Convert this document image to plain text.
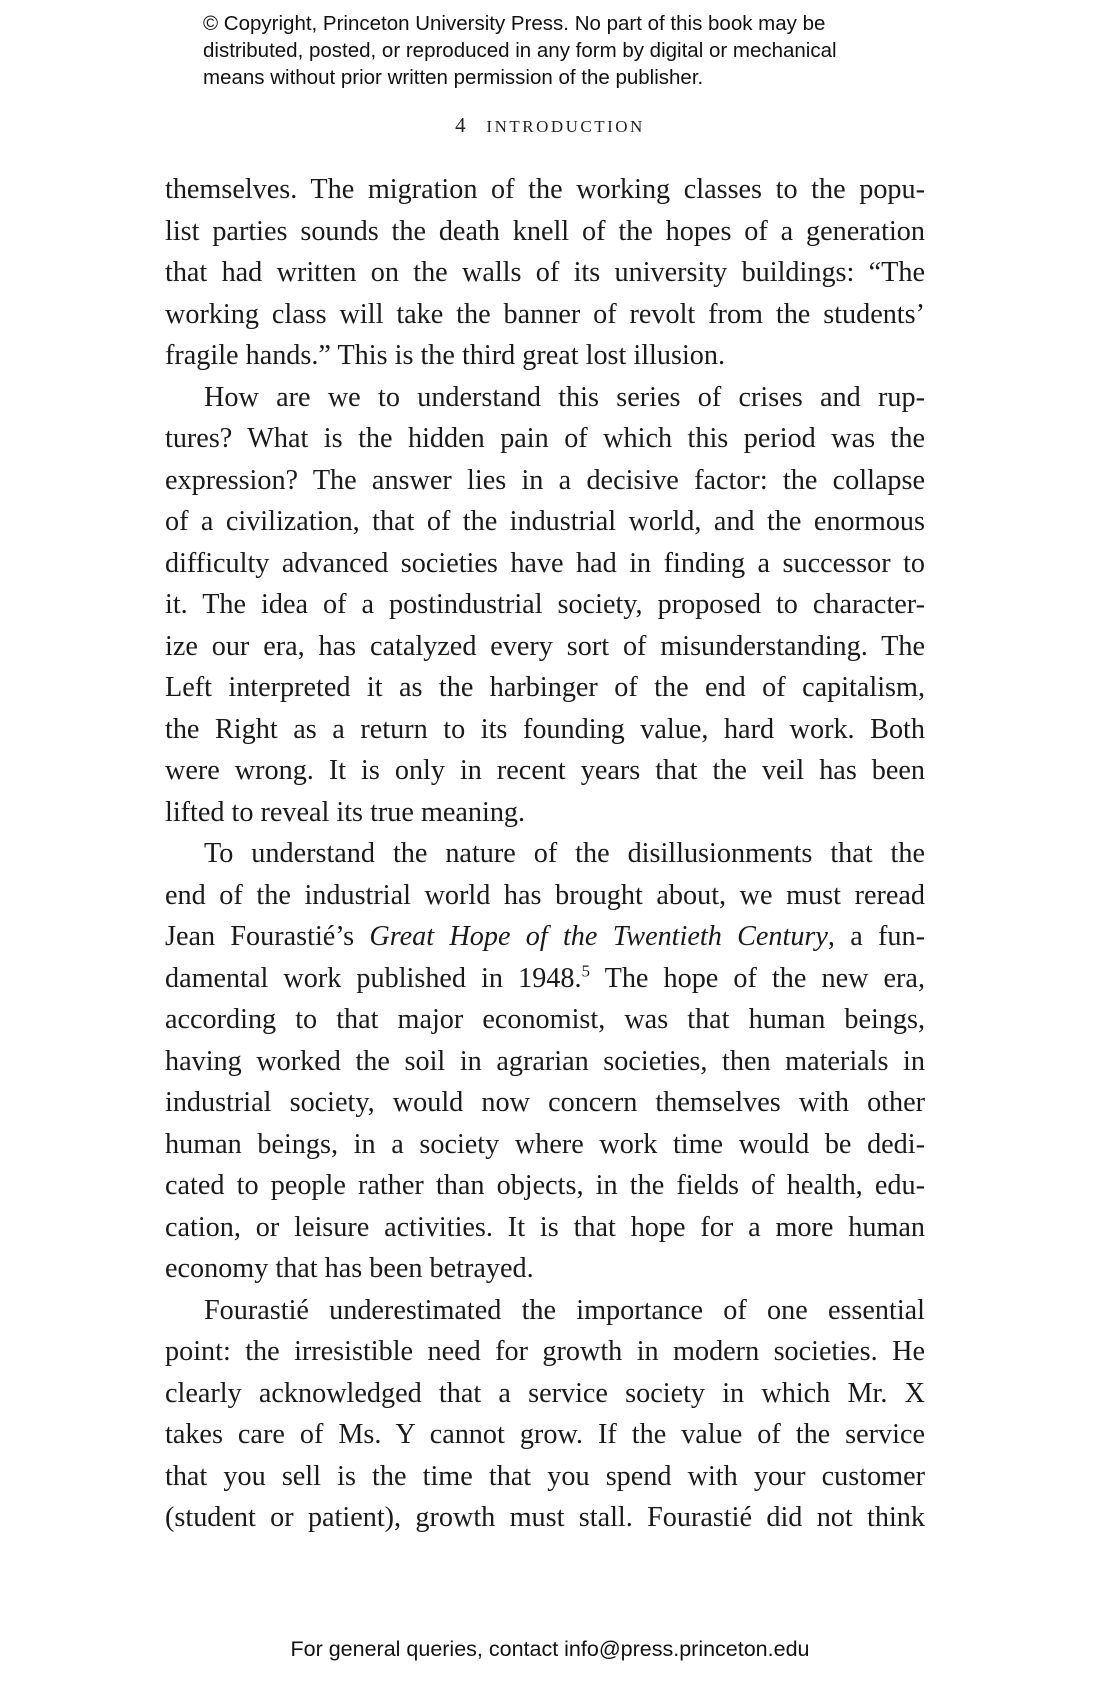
© Copyright, Princeton University Press. No part of this book may be
distributed, posted, or reproduced in any form by digital or mechanical
means without prior written permission of the publisher.
4 INTRODUCTION
themselves. The migration of the working classes to the popu-
list parties sounds the death knell of the hopes of a generation
that had written on the walls of its university buildings: “The
working class will take the banner of revolt from the students’
fragile hands.” This is the third great lost illusion.
How are we to understand this series of crises and rup-
tures? What is the hidden pain of which this period was the
expression? The answer lies in a decisive factor: the collapse
of a civilization, that of the industrial world, and the enormous
difficulty advanced societies have had in finding a successor to
it. The idea of a postindustrial society, proposed to character-
ize our era, has catalyzed every sort of misunderstanding. The
Left interpreted it as the harbinger of the end of capitalism,
the Right as a return to its founding value, hard work. Both
were wrong. It is only in recent years that the veil has been
lifted to reveal its true meaning.
To understand the nature of the disillusionments that the
end of the industrial world has brought about, we must reread
Jean Fourastié’s Great Hope of the Twentieth Century, a fun-
damental work published in 1948.$^5$ The hope of the new era,
according to that major economist, was that human beings,
having worked the soil in agrarian societies, then materials in
industrial society, would now concern themselves with other
human beings, in a society where work time would be dedi-
cated to people rather than objects, in the fields of health, edu-
cation, or leisure activities. It is that hope for a more human
economy that has been betrayed.
Fourastié underestimated the importance of one essential
point: the irresistible need for growth in modern societies. He
clearly acknowledged that a service society in which Mr. X
takes care of Ms. Y cannot grow. If the value of the service
that you sell is the time that you spend with your customer
(student or patient), growth must stall. Fourastié did not think
For general queries, contact info@press.princeton.edu
